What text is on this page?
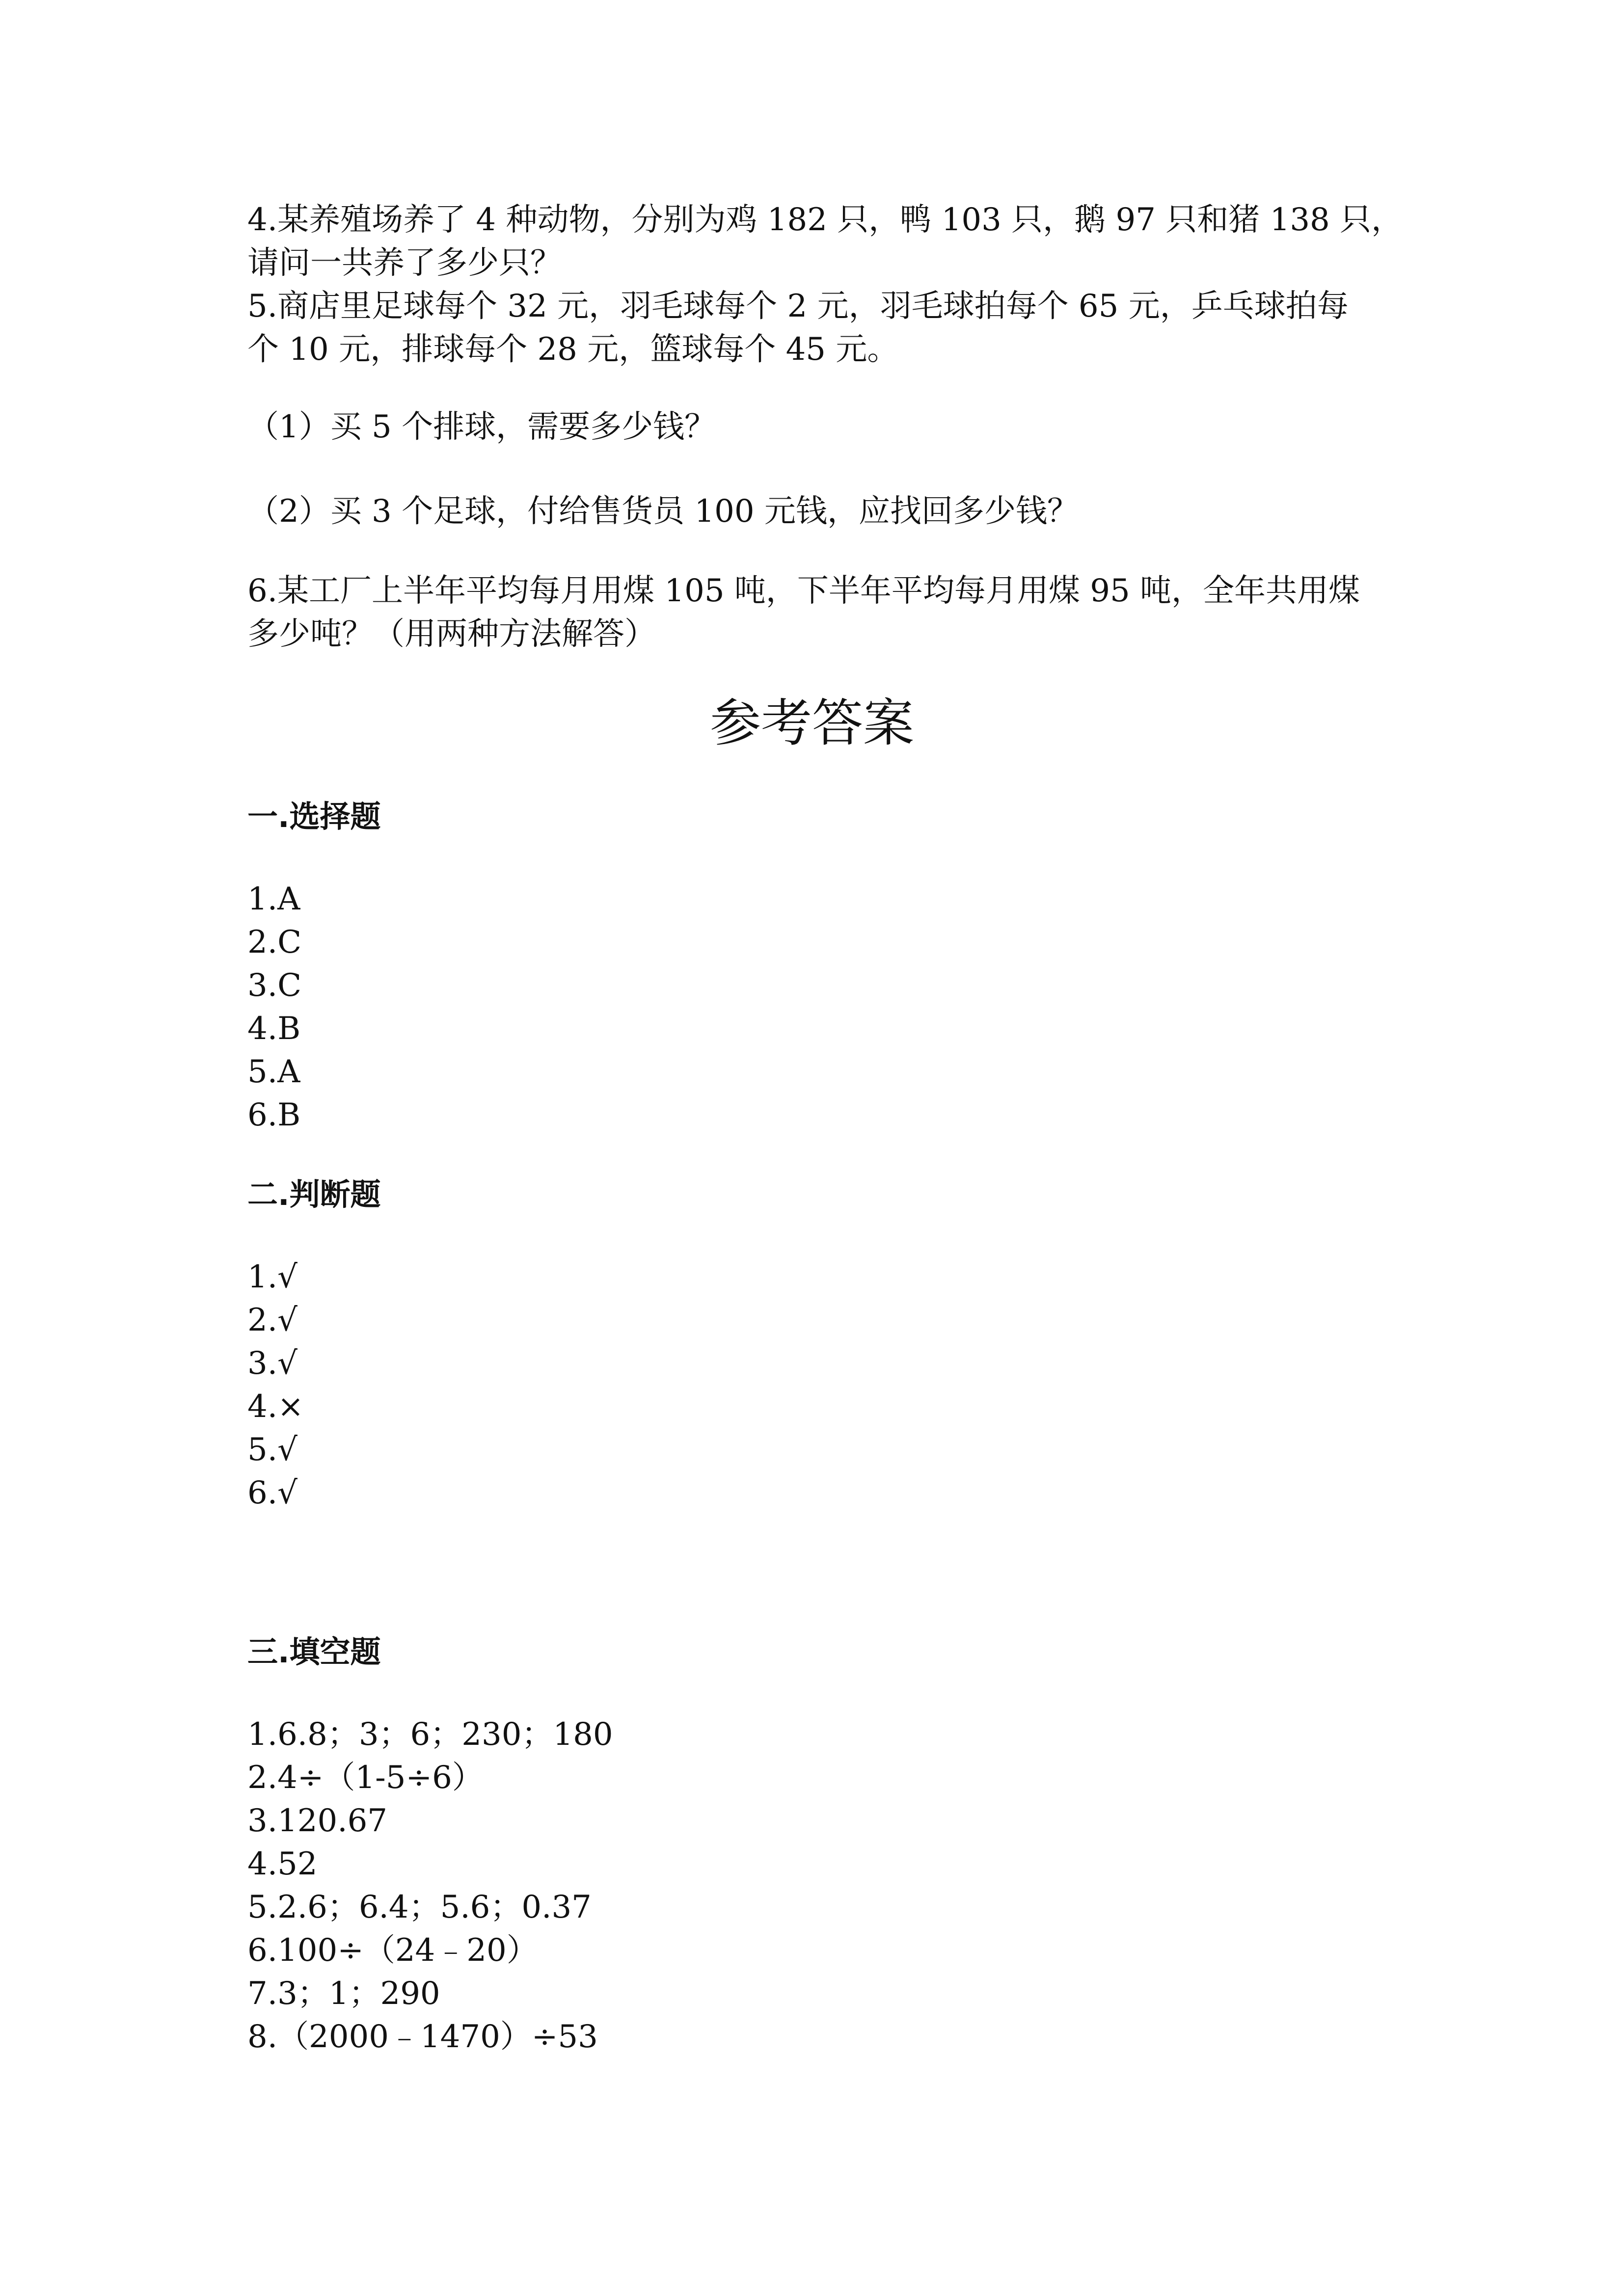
4.某养殖场养了 4 种动物，分别为鸡 182 只，鸭 103 只，鹅 97 只和猪 138 只，
请问一共养了多少只？
5.商店里足球每个 32 元，羽毛球每个 2 元，羽毛球拍每个 65 元，乒乓球拍每
个 10 元，排球每个 28 元，篮球每个 45 元。
（1）买 5 个排球，需要多少钱？
（2）买 3 个足球，付给售货员 100 元钱，应找回多少钱？
6.某工厂上半年平均每月用煤 105 吨，下半年平均每月用煤 95 吨，全年共用煤
多少吨？（用两种方法解答）
参考答案
一.选择题
1.A
2.C
3.C
4.B
5.A
6.B
二.判断题
1.√
2.√
3.√
4.×
5.√
6.√
三.填空题
1.6.8；3；6；230；180
2.4÷（1-5÷6）
3.120.67
4.52
5.2.6；6.4；5.6；0.37
6.100÷（24﹣20）
7.3；1；290
8.（2000﹣1470）÷53
